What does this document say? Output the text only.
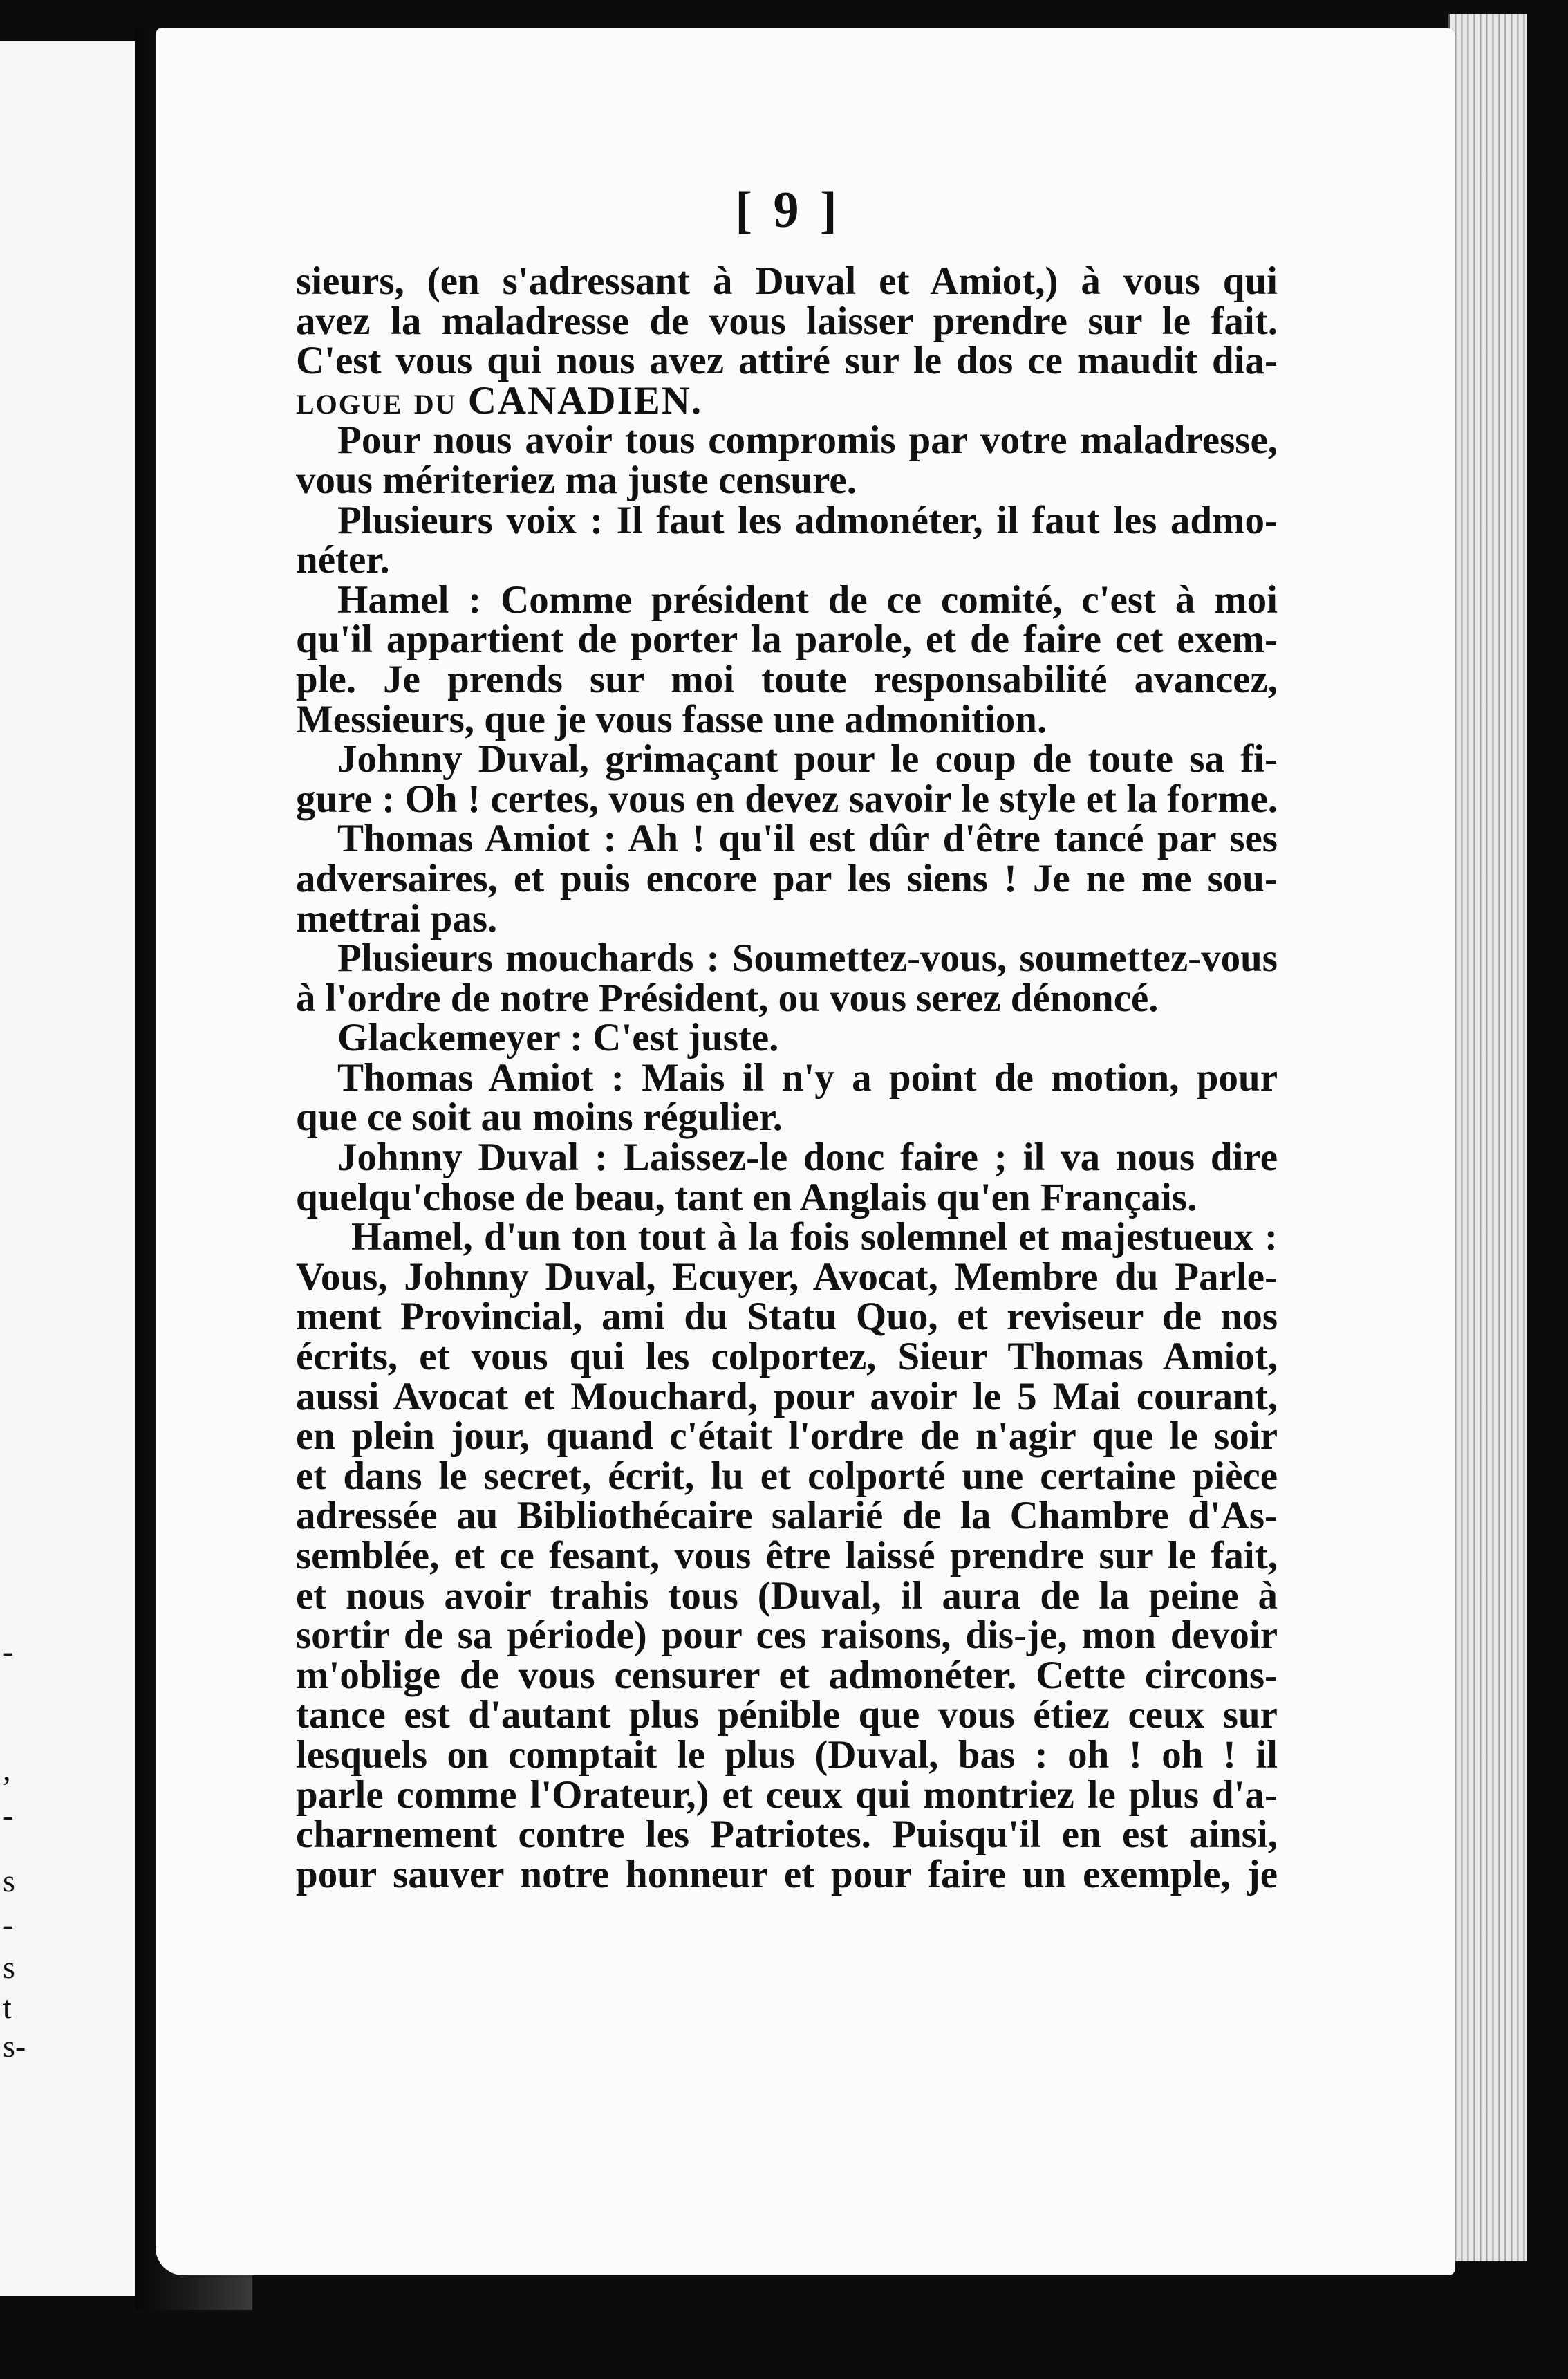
-
,
-
s
-
s
t
s-
[ 9 ]
sieurs, (en s'adressant à Duval et Amiot,) à vous qui
avez la maladresse de vous laisser prendre sur le fait.
C'est vous qui nous avez attiré sur le dos ce maudit dia-
logue du CANADIEN.
Pour nous avoir tous compromis par votre maladresse,
vous mériteriez ma juste censure.
Plusieurs voix : Il faut les admonéter, il faut les admo-
néter.
Hamel : Comme président de ce comité, c'est à moi
qu'il appartient de porter la parole, et de faire cet exem-
ple. Je prends sur moi toute responsabilité avancez,
Messieurs, que je vous fasse une admonition.
Johnny Duval, grimaçant pour le coup de toute sa fi-
gure : Oh ! certes, vous en devez savoir le style et la forme.
Thomas Amiot : Ah ! qu'il est dûr d'être tancé par ses
adversaires, et puis encore par les siens ! Je ne me sou-
mettrai pas.
Plusieurs mouchards : Soumettez-vous, soumettez-vous
à l'ordre de notre Président, ou vous serez dénoncé.
Glackemeyer : C'est juste.
Thomas Amiot : Mais il n'y a point de motion, pour
que ce soit au moins régulier.
Johnny Duval : Laissez-le donc faire ; il va nous dire
quelqu'chose de beau, tant en Anglais qu'en Français.
Hamel, d'un ton tout à la fois solemnel et majestueux :
Vous, Johnny Duval, Ecuyer, Avocat, Membre du Parle-
ment Provincial, ami du Statu Quo, et reviseur de nos
écrits, et vous qui les colportez, Sieur Thomas Amiot,
aussi Avocat et Mouchard, pour avoir le 5 Mai courant,
en plein jour, quand c'était l'ordre de n'agir que le soir
et dans le secret, écrit, lu et colporté une certaine pièce
adressée au Bibliothécaire salarié de la Chambre d'As-
semblée, et ce fesant, vous être laissé prendre sur le fait,
et nous avoir trahis tous (Duval, il aura de la peine à
sortir de sa période) pour ces raisons, dis-je, mon devoir
m'oblige de vous censurer et admonéter. Cette circons-
tance est d'autant plus pénible que vous étiez ceux sur
lesquels on comptait le plus (Duval, bas : oh ! oh ! il
parle comme l'Orateur,) et ceux qui montriez le plus d'a-
charnement contre les Patriotes. Puisqu'il en est ainsi,
pour sauver notre honneur et pour faire un exemple, je
